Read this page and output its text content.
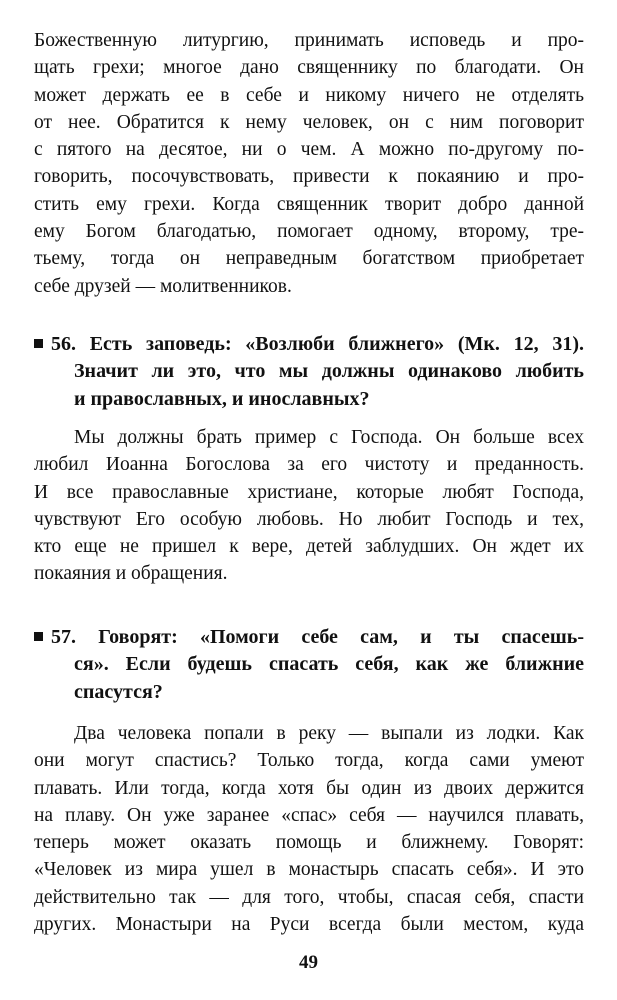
Божественную литургию, принимать исповедь и про-
щать грехи; многое дано священнику по благодати. Он
может держать ее в себе и никому ничего не отделять
от нее. Обратится к нему человек, он с ним поговорит
с пятого на десятое, ни о чем. А можно по-другому по-
говорить, посочувствовать, привести к покаянию и про-
стить ему грехи. Когда священник творит добро данной
ему Богом благодатью, помогает одному, второму, тре-
тьему, тогда он неправедным богатством приобретает
себе друзей — молитвенников.
56. Есть заповедь: «Возлюби ближнего» (Мк. 12, 31).
Значит ли это, что мы должны одинаково любить
и православных, и инославных?
Мы должны брать пример с Господа. Он больше всех
любил Иоанна Богослова за его чистоту и преданность.
И все православные христиане, которые любят Господа,
чувствуют Его особую любовь. Но любит Господь и тех,
кто еще не пришел к вере, детей заблудших. Он ждет их
покаяния и обращения.
57. Говорят: «Помоги себе сам, и ты спасешь-
ся». Если будешь спасать себя, как же ближние
спасутся?
Два человека попали в реку — выпали из лодки. Как
они могут спастись? Только тогда, когда сами умеют
плавать. Или тогда, когда хотя бы один из двоих держится
на плаву. Он уже заранее «спас» себя — научился плавать,
теперь может оказать помощь и ближнему. Говорят:
«Человек из мира ушел в монастырь спасать себя». И это
действительно так — для того, чтобы, спасая себя, спасти
других. Монастыри на Руси всегда были местом, куда
49
